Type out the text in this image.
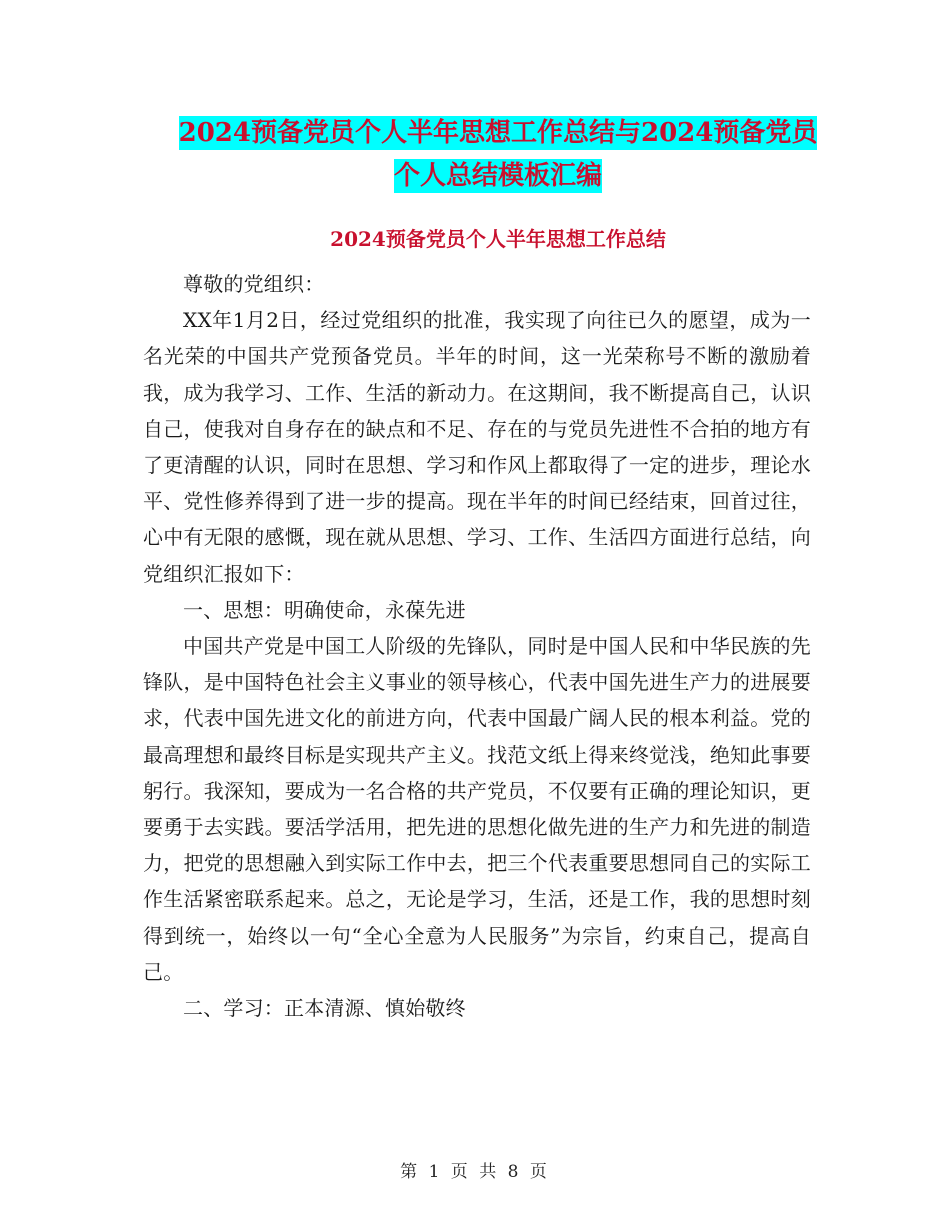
2024预备党员个人半年思想工作总结与2024预备党员
个人总结模板汇编
2024预备党员个人半年思想工作总结

尊敬的党组织：

XX年1月2日，经过党组织的批准，我实现了向往已久的愿望，成为一名光荣的中国共产党预备党员。半年的时间，这一光荣称号不断的激励着我，成为我学习、工作、生活的新动力。在这期间，我不断提高自己，认识自己，使我对自身存在的缺点和不足、存在的与党员先进性不合拍的地方有了更清醒的认识，同时在思想、学习和作风上都取得了一定的进步，理论水平、党性修养得到了进一步的提高。现在半年的时间已经结束，回首过往，心中有无限的感慨，现在就从思想、学习、工作、生活四方面进行总结，向党组织汇报如下：

一、思想：明确使命，永葆先进

中国共产党是中国工人阶级的先锋队，同时是中国人民和中华民族的先锋队，是中国特色社会主义事业的领导核心，代表中国先进生产力的进展要求，代表中国先进文化的前进方向，代表中国最广阔人民的根本利益。党的最高理想和最终目标是实现共产主义。找范文纸上得来终觉浅，绝知此事要躬行。我深知，要成为一名合格的共产党员，不仅要有正确的理论知识，更要勇于去实践。要活学活用，把先进的思想化做先进的生产力和先进的制造力，把党的思想融入到实际工作中去，把三个代表重要思想同自己的实际工作生活紧密联系起来。总之，无论是学习，生活，还是工作，我的思想时刻得到统一，始终以一句“全心全意为人民服务”为宗旨，约束自己，提高自己。

二、学习：正本清源、慎始敬终

第 1 页 共 8 页
